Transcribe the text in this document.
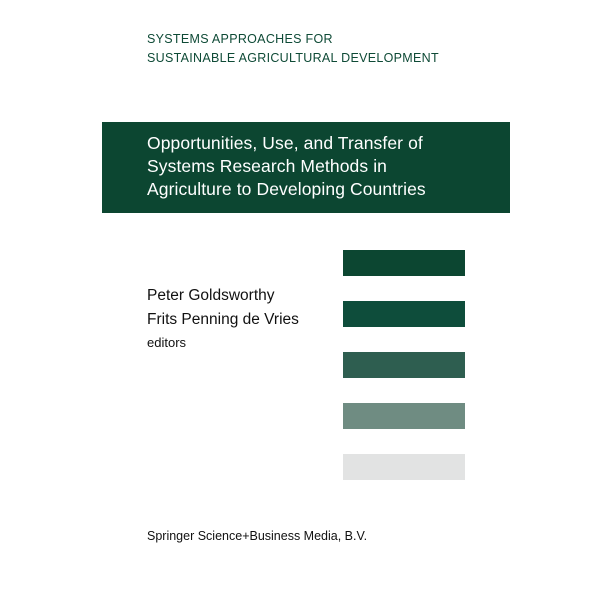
SYSTEMS APPROACHES FOR
SUSTAINABLE AGRICULTURAL DEVELOPMENT
Opportunities, Use, and Transfer of
Systems Research Methods in
Agriculture to Developing Countries
Peter Goldsworthy
Frits Penning de Vries
editors
Springer Science+Business Media, B.V.
